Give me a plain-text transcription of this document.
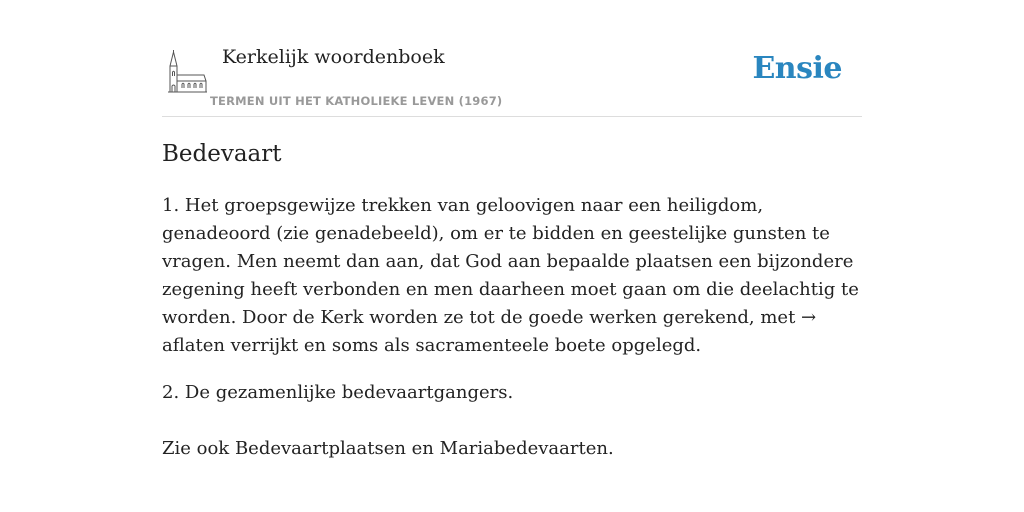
Kerkelijk woordenboek
TERMEN UIT HET KATHOLIEKE LEVEN (1967)
Ensie
Bedevaart

1. Het groepsgewijze trekken van geloovigen naar een heiligdom, genadeoord (zie genadebeeld), om er te bidden en geestelijke gunsten te vragen. Men neemt dan aan, dat God aan bepaalde plaatsen een bijzondere zegening heeft verbonden en men daarheen moet gaan om die deelachtig te worden. Door de Kerk worden ze tot de goede werken gerekend, met → aflaten verrijkt en soms als sacramenteele boete opgelegd.

2. De gezamenlijke bedevaartgangers.

Zie ook Bedevaartplaatsen en Mariabedevaarten.
